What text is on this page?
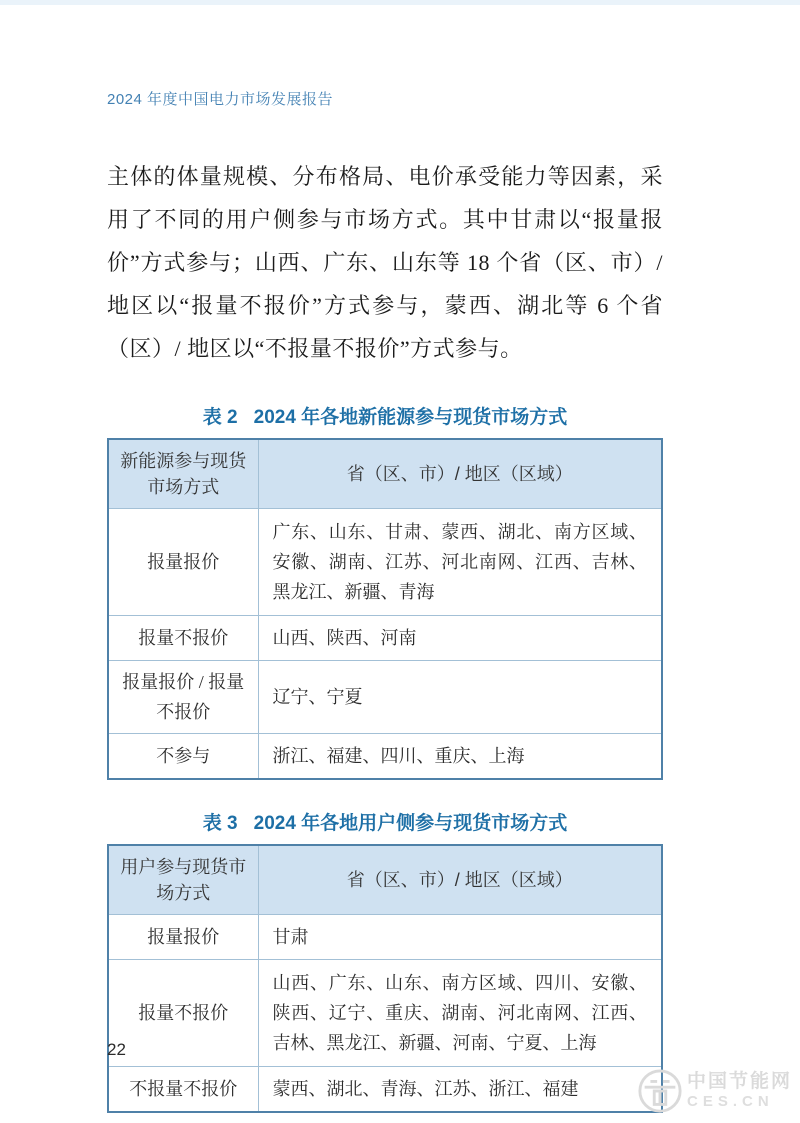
2024 年度中国电力市场发展报告
主体的体量规模、分布格局、电价承受能力等因素，采用了不同的用户侧参与市场方式。其中甘肃以“报量报价”方式参与；山西、广东、山东等 18 个省（区、市）/ 地区以“报量不报价”方式参与，蒙西、湖北等 6 个省（区）/ 地区以“不报量不报价”方式参与。
表 2 2024 年各地新能源参与现货市场方式
新能源参与现货市场方式	省（区、市）/ 地区（区域）
报量报价	广东、山东、甘肃、蒙西、湖北、南方区域、安徽、湖南、江苏、河北南网、江西、吉林、黑龙江、新疆、青海
报量不报价	山西、陕西、河南
报量报价 / 报量不报价	辽宁、宁夏
不参与	浙江、福建、四川、重庆、上海
表 3 2024 年各地用户侧参与现货市场方式
用户参与现货市场方式	省（区、市）/ 地区（区域）
报量报价	甘肃
报量不报价	山西、广东、山东、南方区域、四川、安徽、陕西、辽宁、重庆、湖南、河北南网、江西、吉林、黑龙江、新疆、河南、宁夏、上海
不报量不报价	蒙西、湖北、青海、江苏、浙江、福建
22
中国节能网
CES.CN
